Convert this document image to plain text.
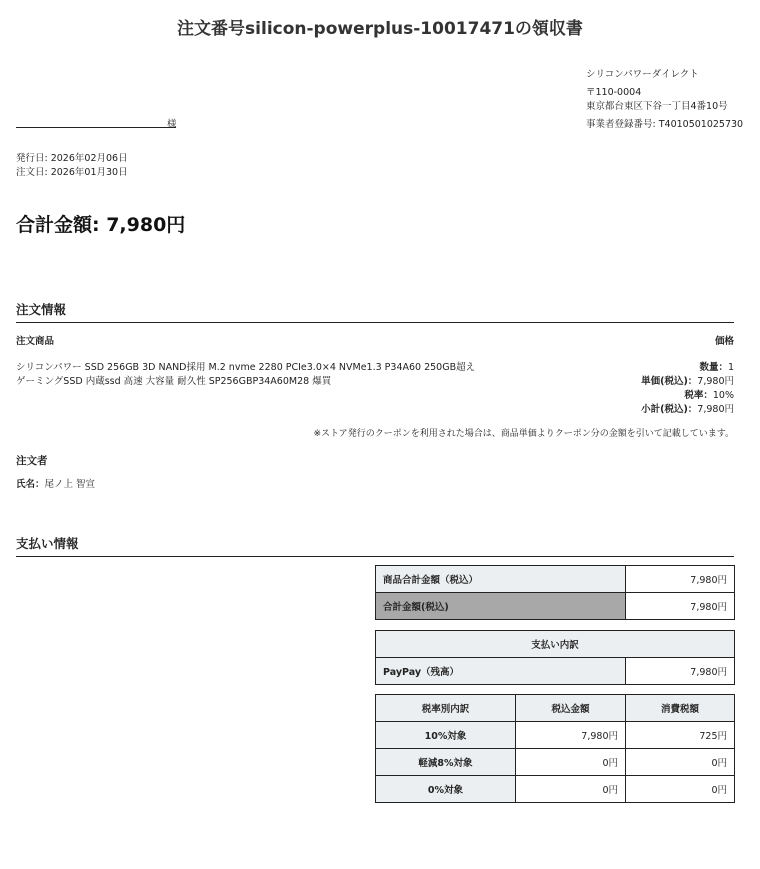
注文番号silicon-powerplus-10017471の領収書
シリコンパワーダイレクト
〒110-0004
東京都台東区下谷一丁目4番10号
事業者登録番号: T4010501025730
様
発行日: 2026年02月06日
注文日: 2026年01月30日
合計金額: 7,980円
注文情報
注文商品	価格
シリコンパワー SSD 256GB 3D NAND採用 M.2 nvme 2280 PCIe3.0×4 NVMe1.3 P34A60 250GB超え
ゲーミングSSD 内蔵ssd 高速 大容量 耐久性 SP256GBP34A60M28 爆買
数量：1
単価(税込)：7,980円
税率：10%
小計(税込)：7,980円
※ストア発行のクーポンを利用された場合は、商品単価よりクーポン分の金額を引いて記載しています。
注文者
氏名：尾ノ上 智宣
支払い情報
商品合計金額（税込）	7,980円
合計金額(税込)	7,980円
支払い内訳
PayPay（残高）	7,980円
税率別内訳	税込金額	消費税額
10%対象	7,980円	725円
軽減8%対象	0円	0円
0%対象	0円	0円
